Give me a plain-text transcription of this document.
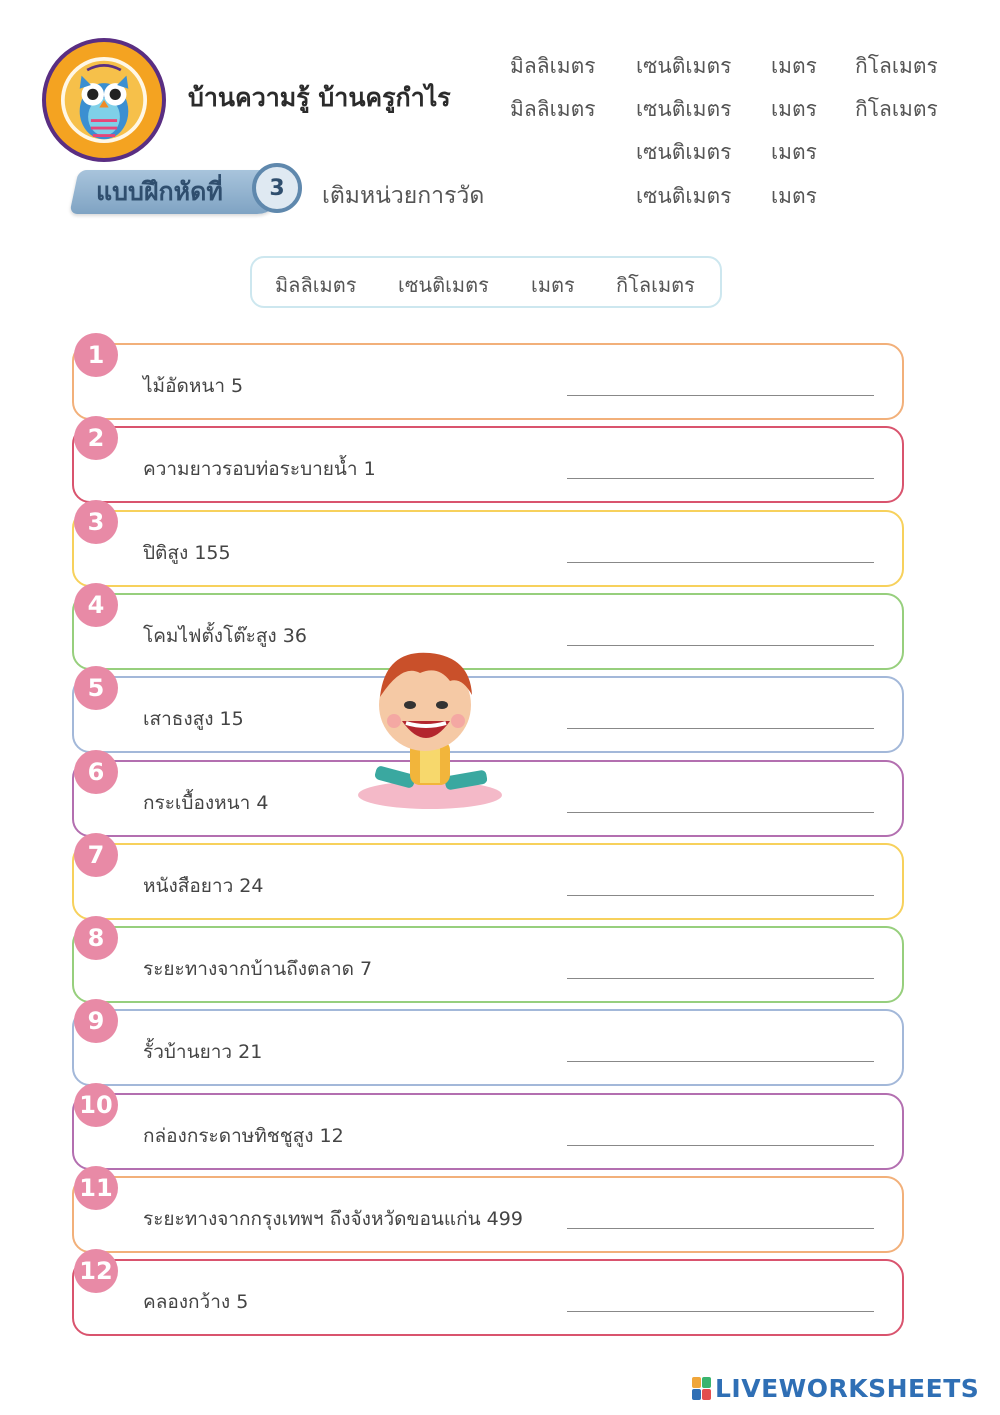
บ้านความรู้ บ้านครูกำไร
แบบฝึกหัดที่	3	เติมหน่วยการวัด
มิลลิเมตร เซนติเมตร เมตร กิโลเมตร
มิลลิเมตร เซนติเมตร เมตร กิโลเมตร
เซนติเมตร เมตร
เซนติเมตร เมตร
มิลลิเมตร เซนติเมตร เมตร กิโลเมตร
1
ไม้อัดหนา 5
2
ความยาวรอบท่อระบายน้ำ 1
3
ปิติสูง 155
4
โคมไฟตั้งโต๊ะสูง 36
5
เสาธงสูง 15
6
กระเบื้องหนา 4
7
หนังสือยาว 24
8
ระยะทางจากบ้านถึงตลาด 7
9
รั้วบ้านยาว 21
10
กล่องกระดาษทิชชูสูง 12
11
ระยะทางจากกรุงเทพฯ ถึงจังหวัดขอนแก่น 499
12
คลองกว้าง 5
LIVEWORKSHEETS
